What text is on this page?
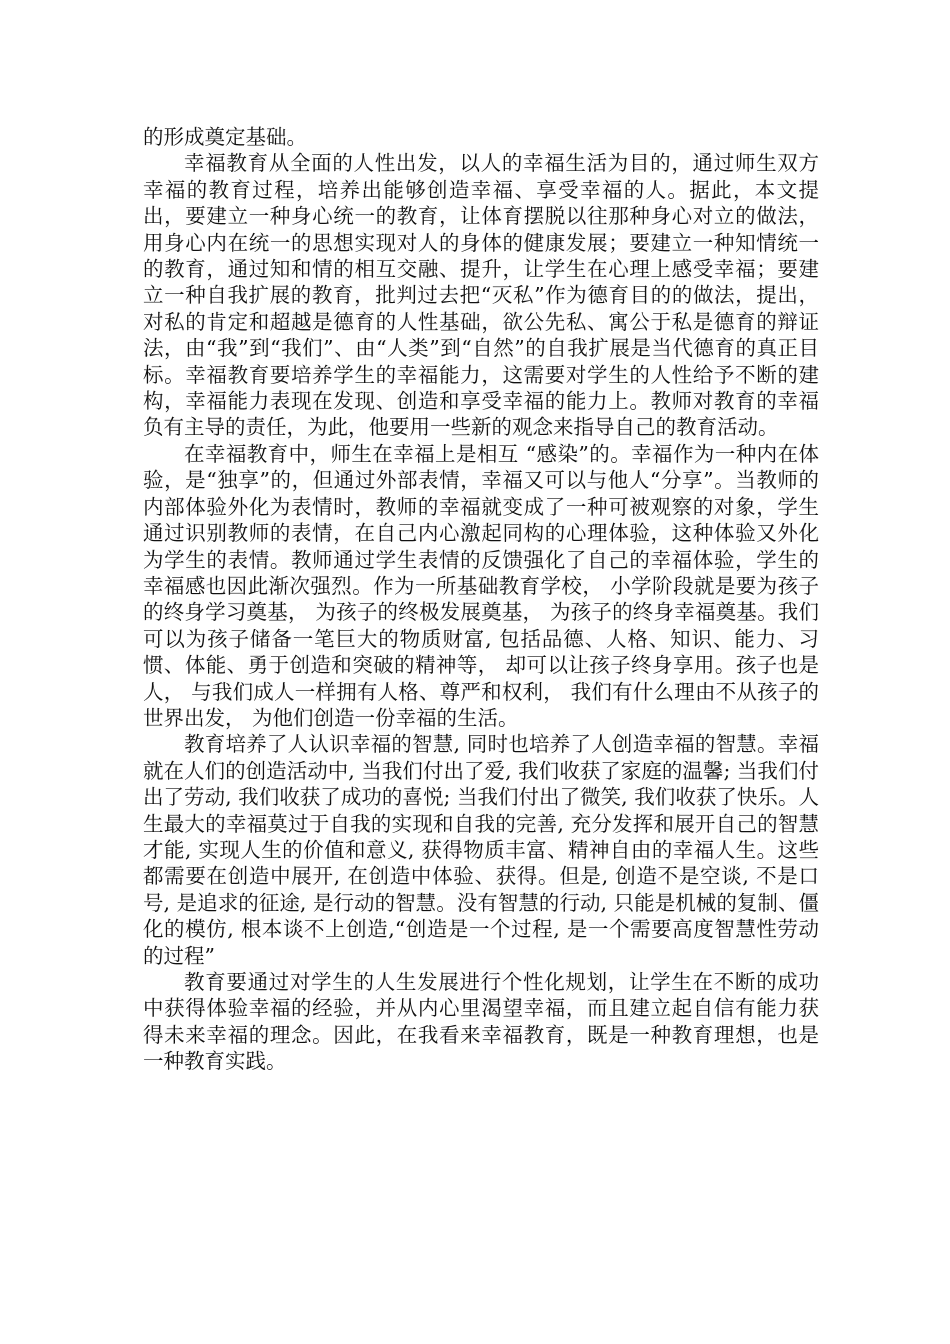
的形成奠定基础。

幸福教育从全面的人性出发，以人的幸福生活为目的，通过师生双方幸福的教育过程，培养出能够创造幸福、享受幸福的人。据此，本文提出，要建立一种身心统一的教育，让体育摆脱以往那种身心对立的做法，用身心内在统一的思想实现对人的身体的健康发展；要建立一种知情统一的教育，通过知和情的相互交融、提升，让学生在心理上感受幸福；要建立一种自我扩展的教育，批判过去把“灭私”作为德育目的的做法，提出，对私的肯定和超越是德育的人性基础，欲公先私、寓公于私是德育的辩证法，由“我”到“我们”、由“人类”到“自然”的自我扩展是当代德育的真正目标。幸福教育要培养学生的幸福能力，这需要对学生的人性给予不断的建构，幸福能力表现在发现、创造和享受幸福的能力上。教师对教育的幸福负有主导的责任，为此，他要用一些新的观念来指导自己的教育活动。

在幸福教育中，师生在幸福上是相互 “感染”的。幸福作为一种内在体验，是“独享”的，但通过外部表情，幸福又可以与他人“分享”。当教师的内部体验外化为表情时，教师的幸福就变成了一种可被观察的对象，学生通过识别教师的表情，在自己内心激起同构的心理体验，这种体验又外化为学生的表情。教师通过学生表情的反馈强化了自己的幸福体验，学生的幸福感也因此渐次强烈。作为一所基础教育学校， 小学阶段就是要为孩子的终身学习奠基， 为孩子的终极发展奠基， 为孩子的终身幸福奠基。我们可以为孩子储备一笔巨大的物质财富, 包括品德、人格、知识、能力、习惯、体能、勇于创造和突破的精神等， 却可以让孩子终身享用。孩子也是人， 与我们成人一样拥有人格、尊严和权利， 我们有什么理由不从孩子的世界出发， 为他们创造一份幸福的生活。

教育培养了人认识幸福的智慧, 同时也培养了人创造幸福的智慧。幸福就在人们的创造活动中, 当我们付出了爱, 我们收获了家庭的温馨; 当我们付出了劳动, 我们收获了成功的喜悦; 当我们付出了微笑, 我们收获了快乐。人生最大的幸福莫过于自我的实现和自我的完善, 充分发挥和展开自己的智慧才能, 实现人生的价值和意义, 获得物质丰富、精神自由的幸福人生。这些都需要在创造中展开, 在创造中体验、获得。但是, 创造不是空谈, 不是口号, 是追求的征途, 是行动的智慧。没有智慧的行动, 只能是机械的复制、僵化的模仿, 根本谈不上创造,“创造是一个过程, 是一个需要高度智慧性劳动的过程”

教育要通过对学生的人生发展进行个性化规划，让学生在不断的成功中获得体验幸福的经验，并从内心里渴望幸福，而且建立起自信有能力获得未来幸福的理念。因此，在我看来幸福教育，既是一种教育理想，也是一种教育实践。
